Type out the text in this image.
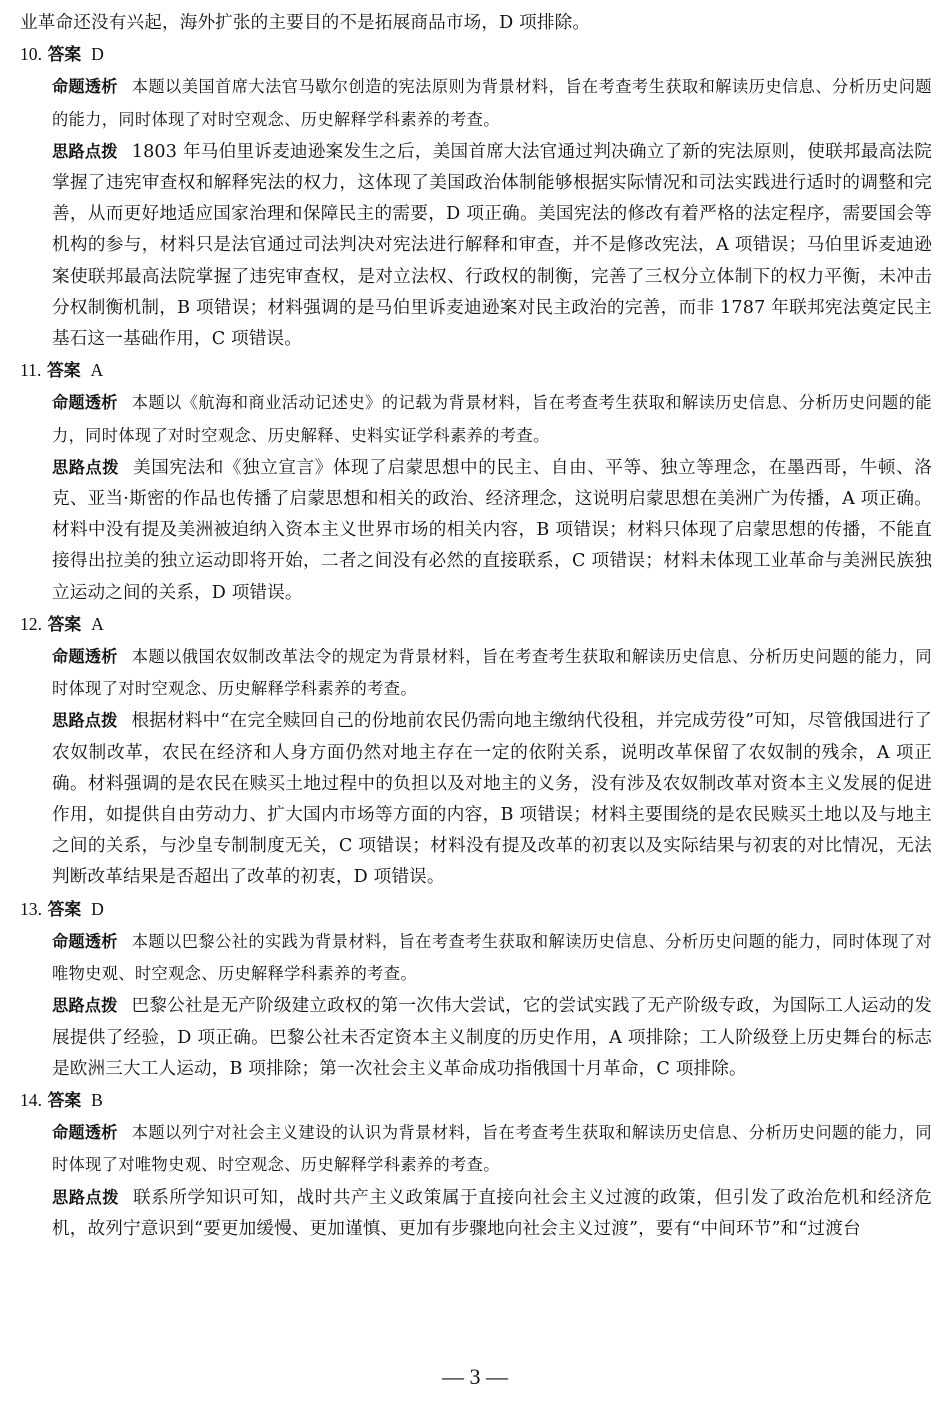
业革命还没有兴起，海外扩张的主要目的不是拓展商品市场，D 项排除。

10. 答案 D

命题透析 本题以美国首席大法官马歇尔创造的宪法原则为背景材料，旨在考查考生获取和解读历史信息、分析历史问题的能力，同时体现了对时空观念、历史解释学科素养的考查。

思路点拨 1803 年马伯里诉麦迪逊案发生之后，美国首席大法官通过判决确立了新的宪法原则，使联邦最高法院掌握了违宪审查权和解释宪法的权力，这体现了美国政治体制能够根据实际情况和司法实践进行适时的调整和完善，从而更好地适应国家治理和保障民主的需要，D 项正确。美国宪法的修改有着严格的法定程序，需要国会等机构的参与，材料只是法官通过司法判决对宪法进行解释和审查，并不是修改宪法，A 项错误；马伯里诉麦迪逊案使联邦最高法院掌握了违宪审查权，是对立法权、行政权的制衡，完善了三权分立体制下的权力平衡，未冲击分权制衡机制，B 项错误；材料强调的是马伯里诉麦迪逊案对民主政治的完善，而非 1787 年联邦宪法奠定民主基石这一基础作用，C 项错误。

11. 答案 A

命题透析 本题以《航海和商业活动记述史》的记载为背景材料，旨在考查考生获取和解读历史信息、分析历史问题的能力，同时体现了对时空观念、历史解释、史料实证学科素养的考查。

思路点拨 美国宪法和《独立宣言》体现了启蒙思想中的民主、自由、平等、独立等理念，在墨西哥，牛顿、洛克、亚当·斯密的作品也传播了启蒙思想和相关的政治、经济理念，这说明启蒙思想在美洲广为传播，A 项正确。材料中没有提及美洲被迫纳入资本主义世界市场的相关内容，B 项错误；材料只体现了启蒙思想的传播，不能直接得出拉美的独立运动即将开始，二者之间没有必然的直接联系，C 项错误；材料未体现工业革命与美洲民族独立运动之间的关系，D 项错误。

12. 答案 A

命题透析 本题以俄国农奴制改革法令的规定为背景材料，旨在考查考生获取和解读历史信息、分析历史问题的能力，同时体现了对时空观念、历史解释学科素养的考查。

思路点拨 根据材料中“在完全赎回自己的份地前农民仍需向地主缴纳代役租，并完成劳役”可知，尽管俄国进行了农奴制改革，农民在经济和人身方面仍然对地主存在一定的依附关系，说明改革保留了农奴制的残余，A 项正确。材料强调的是农民在赎买土地过程中的负担以及对地主的义务，没有涉及农奴制改革对资本主义发展的促进作用，如提供自由劳动力、扩大国内市场等方面的内容，B 项错误；材料主要围绕的是农民赎买土地以及与地主之间的关系，与沙皇专制制度无关，C 项错误；材料没有提及改革的初衷以及实际结果与初衷的对比情况，无法判断改革结果是否超出了改革的初衷，D 项错误。

13. 答案 D

命题透析 本题以巴黎公社的实践为背景材料，旨在考查考生获取和解读历史信息、分析历史问题的能力，同时体现了对唯物史观、时空观念、历史解释学科素养的考查。

思路点拨 巴黎公社是无产阶级建立政权的第一次伟大尝试，它的尝试实践了无产阶级专政，为国际工人运动的发展提供了经验，D 项正确。巴黎公社未否定资本主义制度的历史作用，A 项排除；工人阶级登上历史舞台的标志是欧洲三大工人运动，B 项排除；第一次社会主义革命成功指俄国十月革命，C 项排除。

14. 答案 B

命题透析 本题以列宁对社会主义建设的认识为背景材料，旨在考查考生获取和解读历史信息、分析历史问题的能力，同时体现了对唯物史观、时空观念、历史解释学科素养的考查。

思路点拨 联系所学知识可知，战时共产主义政策属于直接向社会主义过渡的政策，但引发了政治危机和经济危机，故列宁意识到“要更加缓慢、更加谨慎、更加有步骤地向社会主义过渡”，要有“中间环节”和“过渡台

— 3 —
